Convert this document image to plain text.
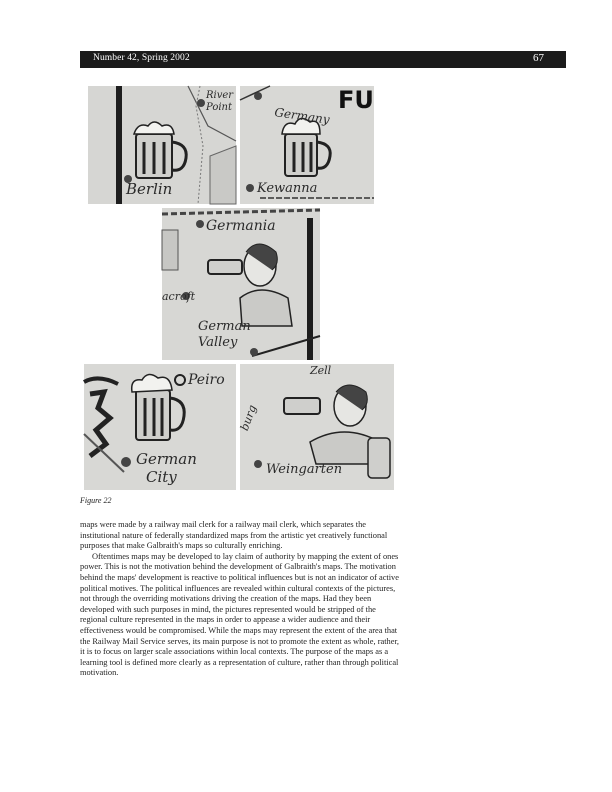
Number 42, Spring 2002	67
Berlin
River
Point	FU
Germany
Kewanna
Germania
German
Valley
acroft
Peiro
German
City
Zell
burg
Weingarten
Figure 22

maps were made by a railway mail clerk for a railway mail clerk, which separates the institutional nature of federally standardized maps from the artistic yet creatively functional purposes that make Galbraith's maps so culturally enriching.

Oftentimes maps may be developed to lay claim of authority by mapping the extent of ones power. This is not the motivation behind the development of Galbraith's maps. The motivation behind the maps' development is reactive to political influences but is not an indicator of active political motives. The political influences are revealed within cultural contexts of the pictures, not through the overriding motivations driving the creation of the maps. Had they been developed with such purposes in mind, the pictures represented would be stripped of the regional culture represented in the maps in order to appease a wider audience and their effectiveness would be compromised. While the maps may represent the extent of the area that the Railway Mail Service serves, its main purpose is not to promote the extent as whole, rather, it is to focus on larger scale associations within local contexts. The purpose of the maps as a learning tool is defined more clearly as a representation of culture, rather than through political motivation.
